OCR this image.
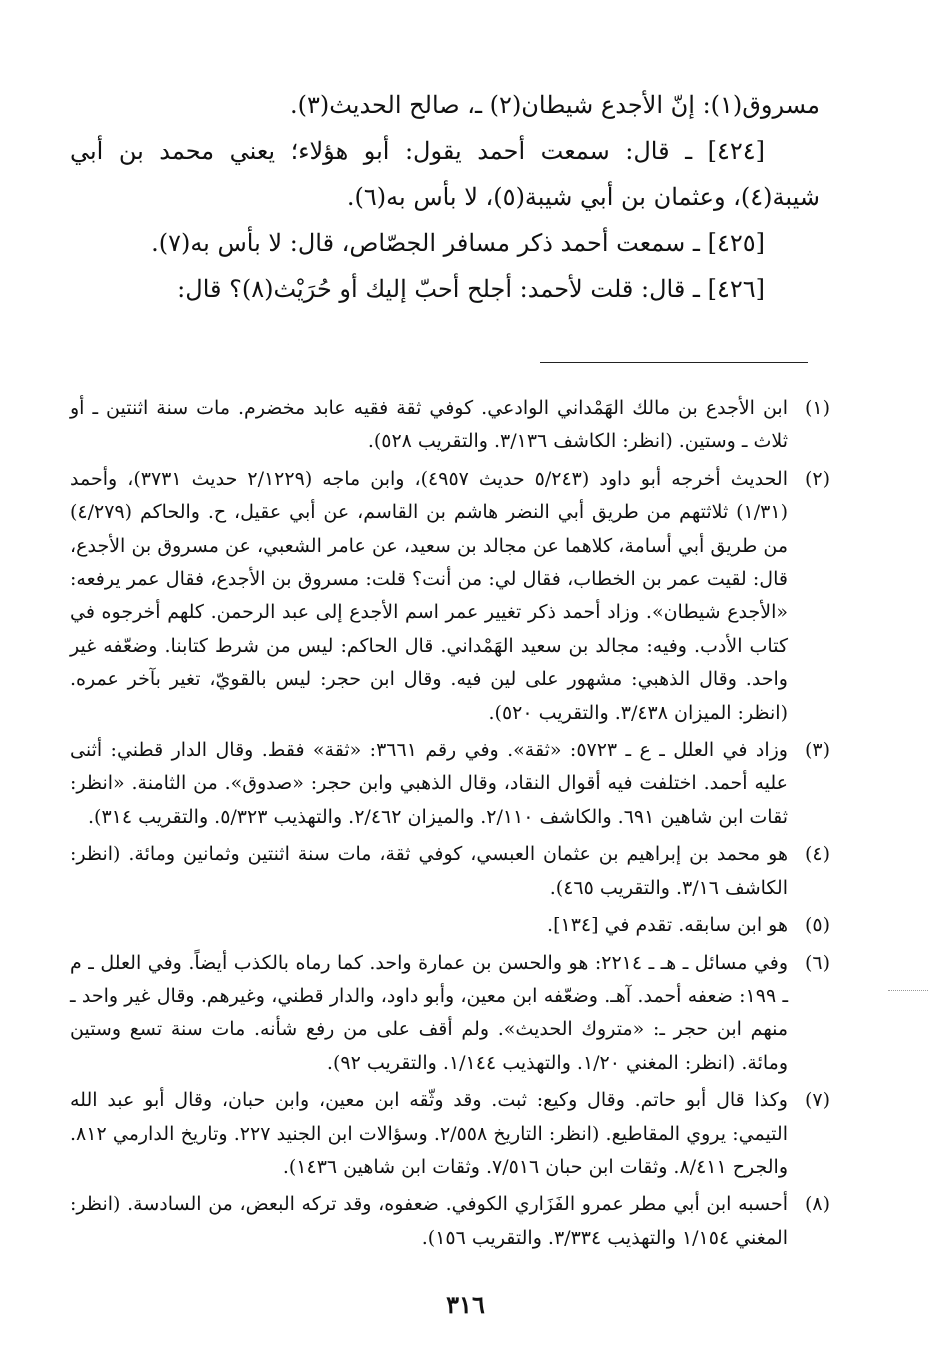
مسروق(١): إنّ الأجدع شيطان(٢) ـ، صالح الحديث(٣).

[٤٢٤] ـ قال: سمعت أحمد يقول: أبو هؤلاء؛ يعني محمد بن أبي شيبة(٤)، وعثمان بن أبي شيبة(٥)، لا بأس به(٦).

[٤٢٥] ـ سمعت أحمد ذكر مسافر الجصّاص، قال: لا بأس به(٧).

[٤٢٦] ـ قال: قلت لأحمد: أجلح أحبّ إليك أو حُرَيْث(٨)؟ قال:

(١)
ابن الأجدع بن مالك الهَمْداني الوادعي. كوفي ثقة فقيه عابد مخضرم. مات سنة اثنتين ـ أو ثلاث ـ وستين. (انظر: الكاشف ٣/١٣٦. والتقريب ٥٢٨).
(٢)
الحديث أخرجه أبو داود (٥/٢٤٣ حديث ٤٩٥٧)، وابن ماجه (٢/١٢٢٩ حديث ٣٧٣١)، وأحمد (١/٣١) ثلاثتهم من طريق أبي النضر هاشم بن القاسم، عن أبي عقيل، ح. والحاكم (٤/٢٧٩) من طريق أبي أسامة، كلاهما عن مجالد بن سعيد، عن عامر الشعبي، عن مسروق بن الأجدع، قال: لقيت عمر بن الخطاب، فقال لي: من أنت؟ قلت: مسروق بن الأجدع، فقال عمر يرفعه: «الأجدع شيطان». وزاد أحمد ذكر تغيير عمر اسم الأجدع إلى عبد الرحمن. كلهم أخرجوه في كتاب الأدب. وفيه: مجالد بن سعيد الهَمْداني. قال الحاكم: ليس من شرط كتابنا. وضعّفه غير واحد. وقال الذهبي: مشهور على لين فيه. وقال ابن حجر: ليس بالقويّ، تغير بآخر عمره. (انظر: الميزان ٣/٤٣٨. والتقريب ٥٢٠).
(٣)
وزاد في العلل ـ ع ـ ٥٧٢٣: «ثقة». وفي رقم ٣٦٦١: «ثقة» فقط. وقال الدار قطني: أثنى عليه أحمد. اختلفت فيه أقوال النقاد، وقال الذهبي وابن حجر: «صدوق». من الثامنة. «انظر: ثقات ابن شاهين ٦٩١. والكاشف ٢/١١٠. والميزان ٢/٤٦٢. والتهذيب ٥/٣٢٣. والتقريب ٣١٤).
(٤)
هو محمد بن إبراهيم بن عثمان العبسي، كوفي ثقة، مات سنة اثنتين وثمانين ومائة. (انظر: الكاشف ٣/١٦. والتقريب ٤٦٥).
(٥)
هو ابن سابقه. تقدم في [١٣٤].
(٦)
وفي مسائل ـ هـ ـ ٢٢١٤: هو والحسن بن عمارة واحد. كما رماه بالكذب أيضاً. وفي العلل ـ م ـ ١٩٩: ضعفه أحمد. آهـ. وضعّفه ابن معين، وأبو داود، والدار قطني، وغيرهم. وقال غير واحد ـ منهم ابن حجر ـ: «متروك الحديث». ولم أقف على من رفع شأنه. مات سنة تسع وستين ومائة. (انظر: المغني ١/٢٠. والتهذيب ١/١٤٤. والتقريب ٩٢).
(٧)
وكذا قال أبو حاتم. وقال وكيع: ثبت. وقد وثّقه ابن معين، وابن حبان، وقال أبو عبد الله التيمي: يروي المقاطيع. (انظر: التاريخ ٢/٥٥٨. وسؤالات ابن الجنيد ٢٢٧. وتاريخ الدارمي ٨١٢. والجرح ٨/٤١١. وثقات ابن حبان ٧/٥١٦. وثقات ابن شاهين ١٤٣٦).
(٨)
أحسبه ابن أبي مطر عمرو الفَزَاري الكوفي. ضعفوه، وقد تركه البعض، من السادسة. (انظر: المغني ١/١٥٤ والتهذيب ٣/٣٣٤. والتقريب ١٥٦).
٣١٦
